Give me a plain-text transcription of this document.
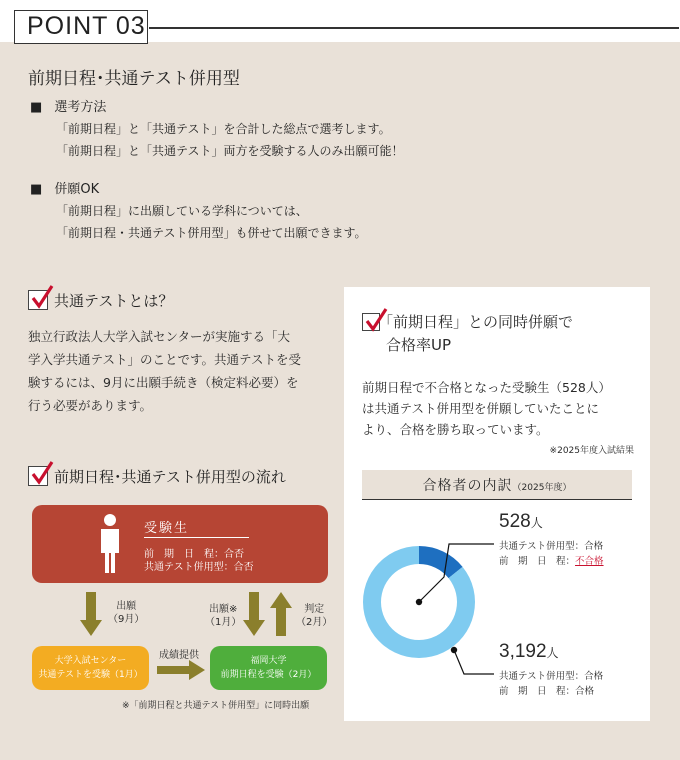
POINT 03
前期日程･共通テスト併用型
■ 選考方法
「前期日程」と「共通テスト」を合計した総点で選考します。
「前期日程」と「共通テスト」両方を受験する人のみ出願可能！
■ 併願OK
「前期日程」に出願している学科については、
「前期日程・共通テスト併用型」も併せて出願できます。
共通テストとは？
独立行政法人大学入試センターが実施する「大
学入学共通テスト」のことです。共通テストを受
験するには、9月に出願手続き（検定料必要）を
行う必要があります。
前期日程･共通テスト併用型の流れ
受験生
前　期　日　程：合否
共通テスト併用型：合否
出願
（9月）
出願※
（1月）
判定
（2月）
大学入試センター
共通テストを受験（1月）
成績提供	福岡大学
前期日程を受験（2月）
※「前期日程と共通テスト併用型」に同時出願
「前期日程」との同時併願で
合格率UP
前期日程で不合格となった受験生（528人）
は共通テスト併用型を併願していたことに
より、合格を勝ち取っています。
※2025年度入試結果
合格者の内訳（2025年度）
528人
共通テスト併用型：合格
前　期　日　程：不合格
3,192人
共通テスト併用型：合格
前　期　日　程：合格
